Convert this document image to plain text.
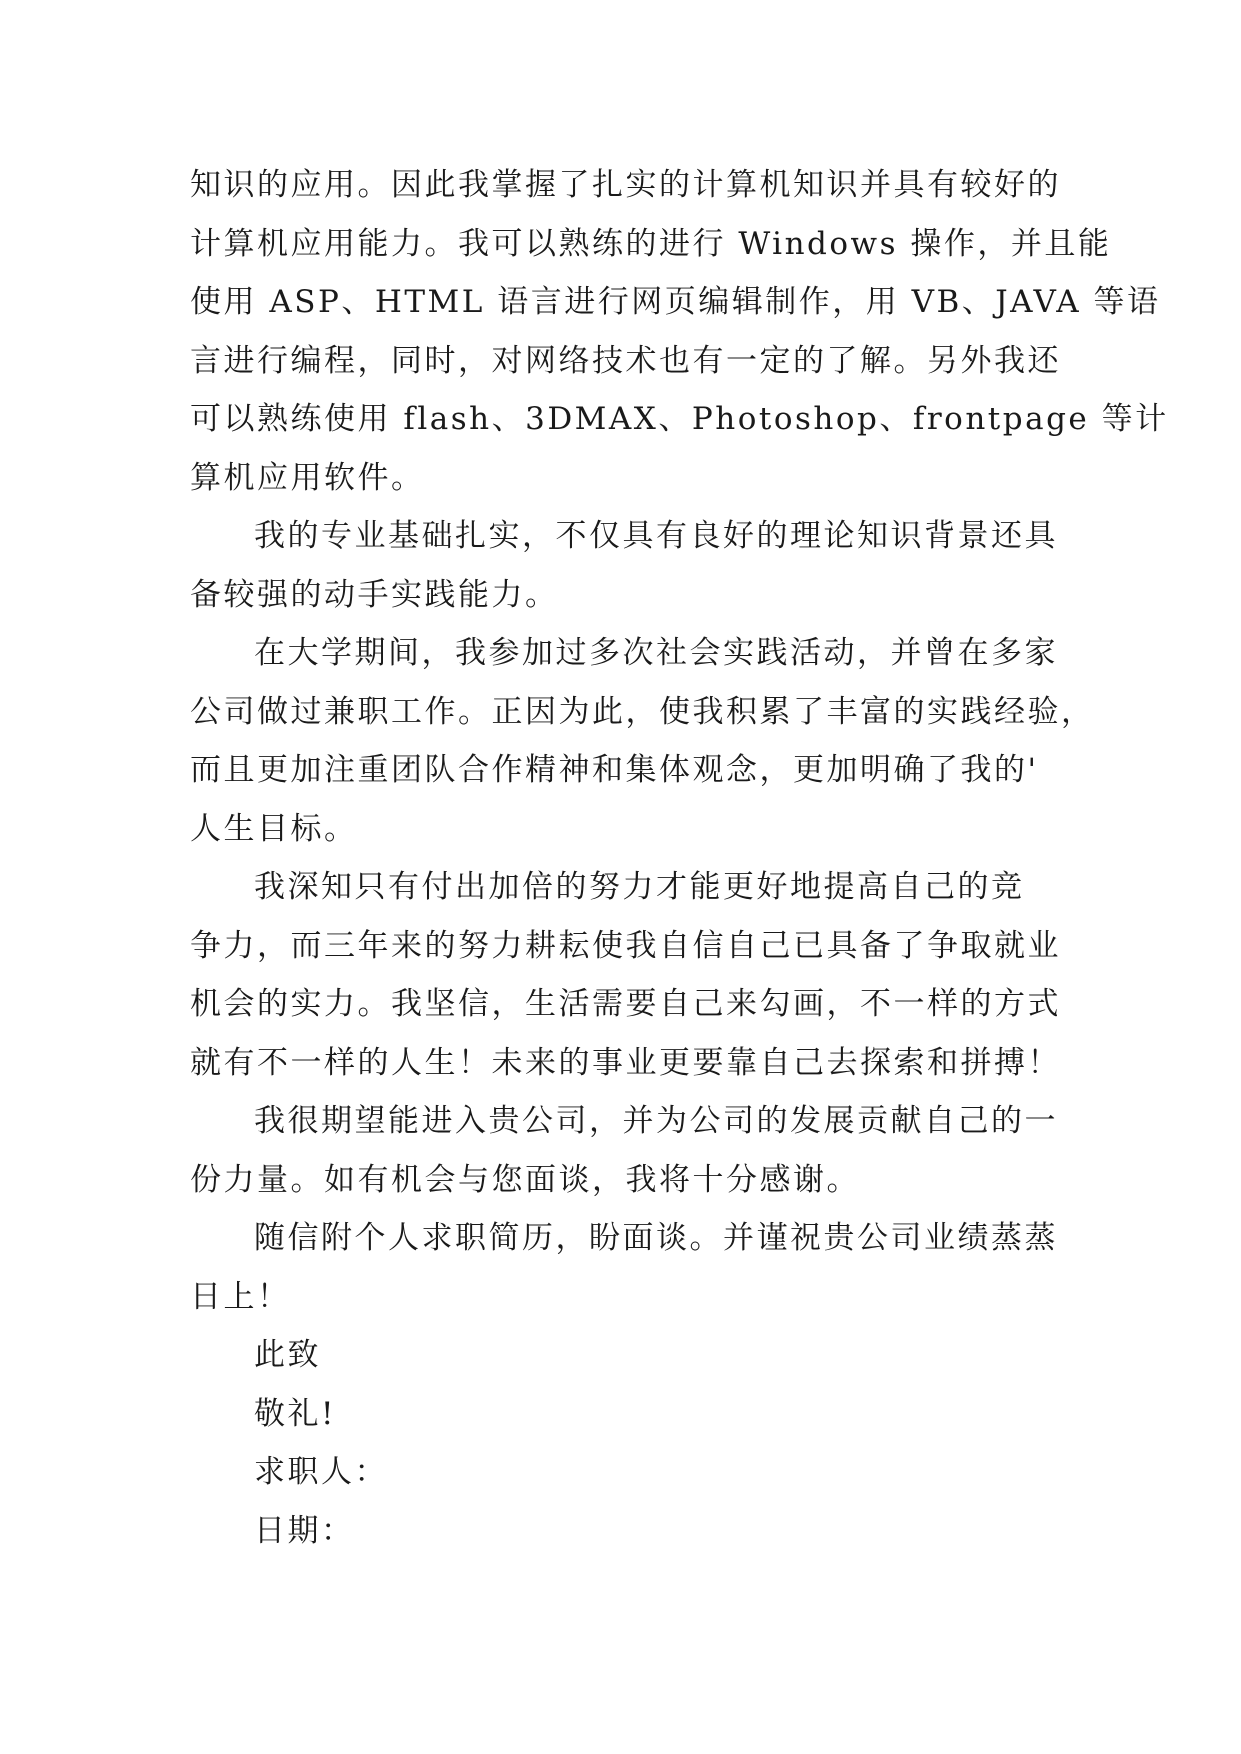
知识的应用。因此我掌握了扎实的计算机知识并具有较好的
计算机应用能力。我可以熟练的进行 Windows 操作，并且能
使用 ASP、HTML 语言进行网页编辑制作，用 VB、JAVA 等语
言进行编程，同时，对网络技术也有一定的了解。另外我还
可以熟练使用 flash、3DMAX、Photoshop、frontpage 等计
算机应用软件。
我的专业基础扎实，不仅具有良好的理论知识背景还具
备较强的动手实践能力。
在大学期间，我参加过多次社会实践活动，并曾在多家
公司做过兼职工作。正因为此，使我积累了丰富的实践经验，
而且更加注重团队合作精神和集体观念，更加明确了我的'
人生目标。
我深知只有付出加倍的努力才能更好地提高自己的竞
争力，而三年来的努力耕耘使我自信自己已具备了争取就业
机会的实力。我坚信，生活需要自己来勾画，不一样的方式
就有不一样的人生！未来的事业更要靠自己去探索和拼搏！
我很期望能进入贵公司，并为公司的发展贡献自己的一
份力量。如有机会与您面谈，我将十分感谢。
随信附个人求职简历，盼面谈。并谨祝贵公司业绩蒸蒸
日上！
此致
敬礼!
求职人：
日期：
